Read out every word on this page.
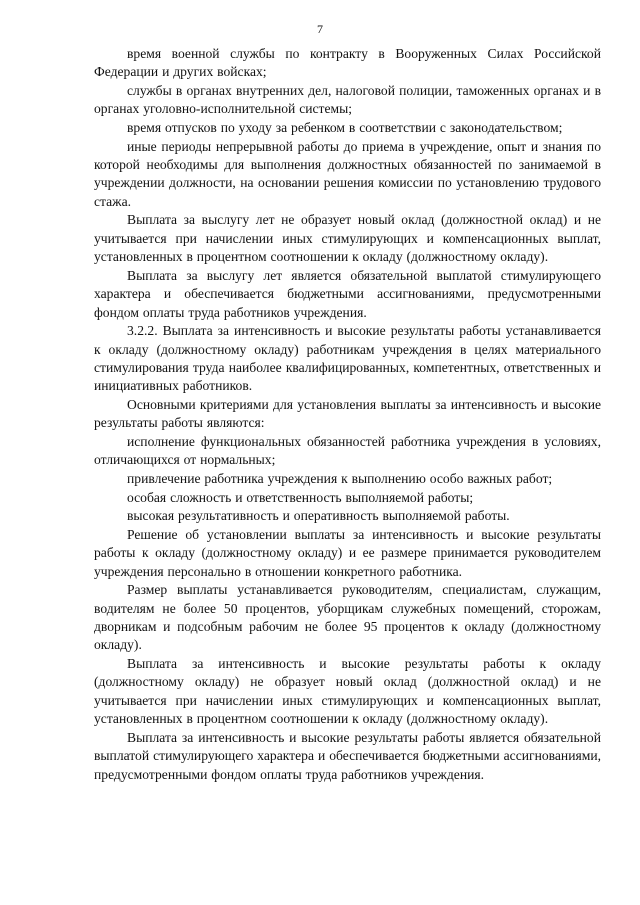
7

время военной службы по контракту в Вооруженных Силах Российской Федерации и других войсках;

службы в органах внутренних дел, налоговой полиции, таможенных органах и в органах уголовно-исполнительной системы;

время отпусков по уходу за ребенком в соответствии с законодательством;

иные периоды непрерывной работы до приема в учреждение, опыт и знания по которой необходимы для выполнения должностных обязанностей по занимаемой в учреждении должности, на основании решения комиссии по установлению трудового стажа.

Выплата за выслугу лет не образует новый оклад (должностной оклад) и не учитывается при начислении иных стимулирующих и компенсационных выплат, установленных в процентном соотношении к окладу (должностному окладу).

Выплата за выслугу лет является обязательной выплатой стимулирующего характера и обеспечивается бюджетными ассигнованиями, предусмотренными фондом оплаты труда работников учреждения.

3.2.2. Выплата за интенсивность и высокие результаты работы устанавливается к окладу (должностному окладу) работникам учреждения в целях материального стимулирования труда наиболее квалифицированных, компетентных, ответственных и инициативных работников.

Основными критериями для установления выплаты за интенсивность и высокие результаты работы являются:

исполнение функциональных обязанностей работника учреждения в условиях, отличающихся от нормальных;

привлечение работника учреждения к выполнению особо важных работ;

особая сложность и ответственность выполняемой работы;

высокая результативность и оперативность выполняемой работы.

Решение об установлении выплаты за интенсивность и высокие результаты работы к окладу (должностному окладу) и ее размере принимается руководителем учреждения персонально в отношении конкретного работника.

Размер выплаты устанавливается руководителям, специалистам, служащим, водителям не более 50 процентов, уборщикам служебных помещений, сторожам, дворникам и подсобным рабочим не более 95 процентов к окладу (должностному окладу).

Выплата за интенсивность и высокие результаты работы к окладу (должностному окладу) не образует новый оклад (должностной оклад) и не учитывается при начислении иных стимулирующих и компенсационных выплат, установленных в процентном соотношении к окладу (должностному окладу).

Выплата за интенсивность и высокие результаты работы является обязательной выплатой стимулирующего характера и обеспечивается бюджетными ассигнованиями, предусмотренными фондом оплаты труда работников учреждения.
